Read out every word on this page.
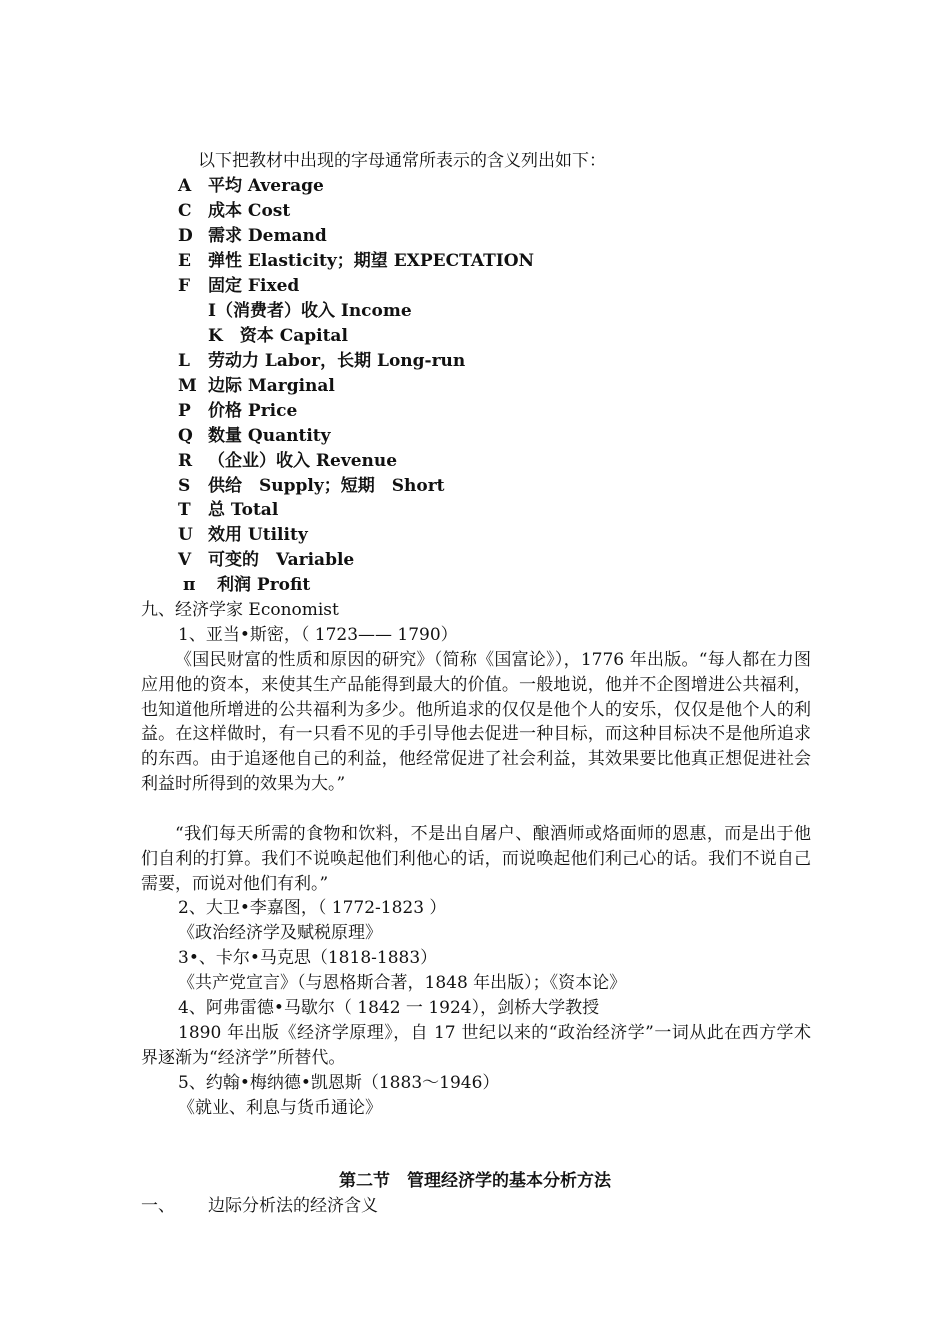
以下把教材中出现的字母通常所表示的含义列出如下：
A 平均 Average
C 成本 Cost
D 需求 Demand
E 弹性 Elasticity；期望 EXPECTATION
F 固定 Fixed
I（消费者）收入 Income
K　资本 Capital
L 劳动力 Labor，长期 Long-run
M 边际 Marginal
P 价格 Price
Q 数量 Quantity
R （企业）收入 Revenue
S 供给　Supply；短期　Short
T 总 Total
U 效用 Utility
V 可变的　Variable
π 利润 Profit
九、经济学家 Economist
1、亚当•斯密，（ 1723—— 1790）

《国民财富的性质和原因的研究》（简称《国富论》），1776 年出版。“每人都在力图应用他的资本，来使其生产品能得到最大的价值。一般地说，他并不企图增进公共福利，也知道他所增进的公共福利为多少。他所追求的仅仅是他个人的安乐，仅仅是他个人的利益。在这样做时，有一只看不见的手引导他去促进一种目标，而这种目标决不是他所追求的东西。由于追逐他自己的利益，他经常促进了社会利益，其效果要比他真正想促进社会利益时所得到的效果为大。”

“我们每天所需的食物和饮料，不是出自屠户、酿酒师或烙面师的恩惠，而是出于他们自利的打算。我们不说唤起他们利他心的话，而说唤起他们利己心的话。我们不说自己需要，而说对他们有利。”

2、大卫•李嘉图，（ 1772-1823 ）
《政治经济学及赋税原理》
3•、卡尔•马克思（1818-1883）
《共产党宣言》（与恩格斯合著，1848 年出版）；《资本论》
4、阿弗雷德•马歇尔（ 1842 一 1924），剑桥大学教授

1890 年出版《经济学原理》，自 17 世纪以来的“政治经济学”一词从此在西方学术界逐渐为“经济学”所替代。

5、约翰•梅纳德•凯恩斯（1883～1946）
《就业、利息与货币通论》
第二节　管理经济学的基本分析方法
一、 边际分析法的经济含义
